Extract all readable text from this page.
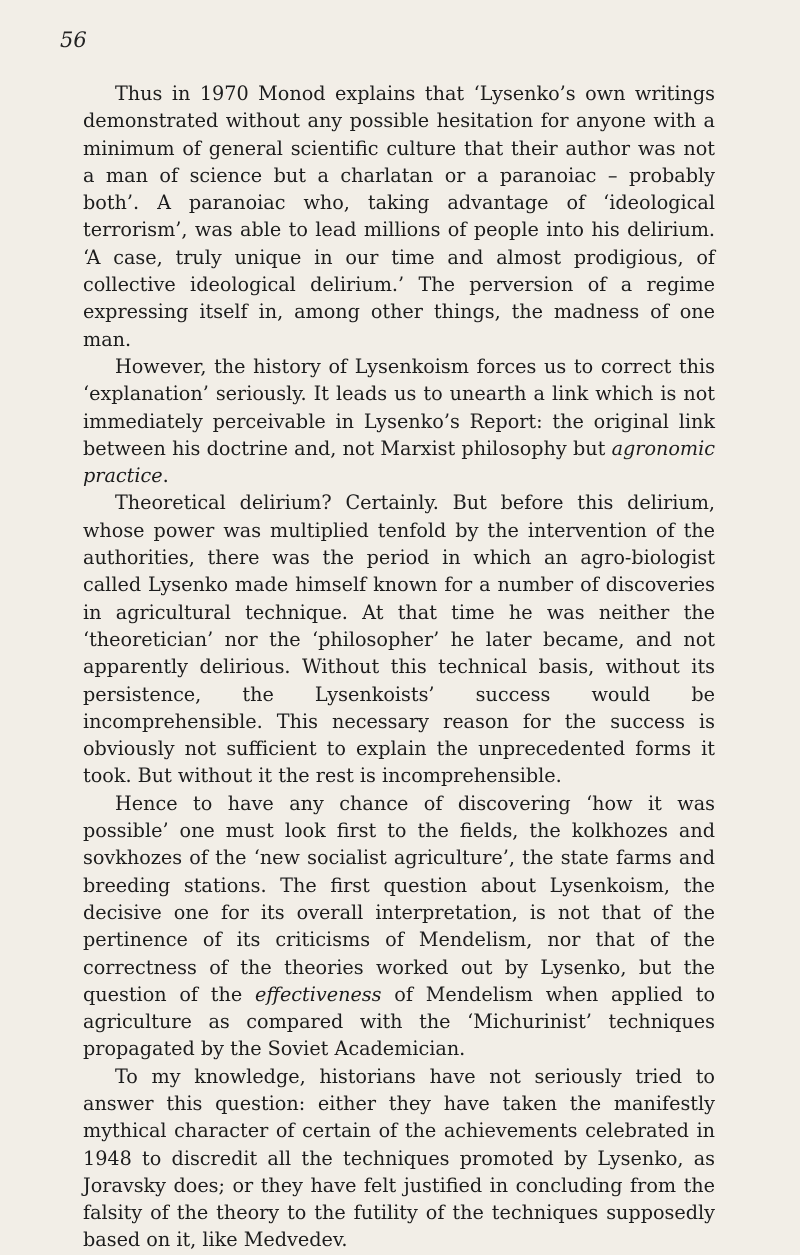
56

Thus in 1970 Monod explains that ‘Lysenko’s own writings demonstrated without any possible hesitation for anyone with a minimum of general scientific culture that their author was not a man of science but a charlatan or a paranoiac – probably both’. A paranoiac who, taking advantage of ‘ideological terrorism’, was able to lead millions of people into his delirium. ‘A case, truly unique in our time and almost prodigious, of collective ideological delirium.’ The perversion of a regime expressing itself in, among other things, the madness of one man.

However, the history of Lysenkoism forces us to correct this ‘explanation’ seriously. It leads us to unearth a link which is not immediately perceivable in Lysenko’s Report: the original link between his doctrine and, not Marxist philosophy but agronomic practice.

Theoretical delirium? Certainly. But before this delirium, whose power was multiplied tenfold by the intervention of the authorities, there was the period in which an agro-biologist called Lysenko made himself known for a number of discoveries in agricultural technique. At that time he was neither the ‘theoretician’ nor the ‘philosopher’ he later became, and not apparently delirious. Without this technical basis, without its persistence, the Lysenkoists’ success would be incomprehensible. This necessary reason for the success is obviously not sufficient to explain the unprecedented forms it took. But without it the rest is incomprehensible.

Hence to have any chance of discovering ‘how it was possible’ one must look first to the fields, the kolkhozes and sovkhozes of the ‘new socialist agriculture’, the state farms and breeding stations. The first question about Lysenkoism, the decisive one for its overall interpretation, is not that of the pertinence of its criticisms of Mendelism, nor that of the correctness of the theories worked out by Lysenko, but the question of the effectiveness of Mendelism when applied to agriculture as compared with the ‘Michurinist’ techniques propagated by the Soviet Academician.

To my knowledge, historians have not seriously tried to answer this question: either they have taken the manifestly mythical character of certain of the achievements celebrated in 1948 to discredit all the techniques promoted by Lysenko, as Joravsky does; or they have felt justified in concluding from the falsity of the theory to the futility of the techniques supposedly based on it, like Medvedev.
